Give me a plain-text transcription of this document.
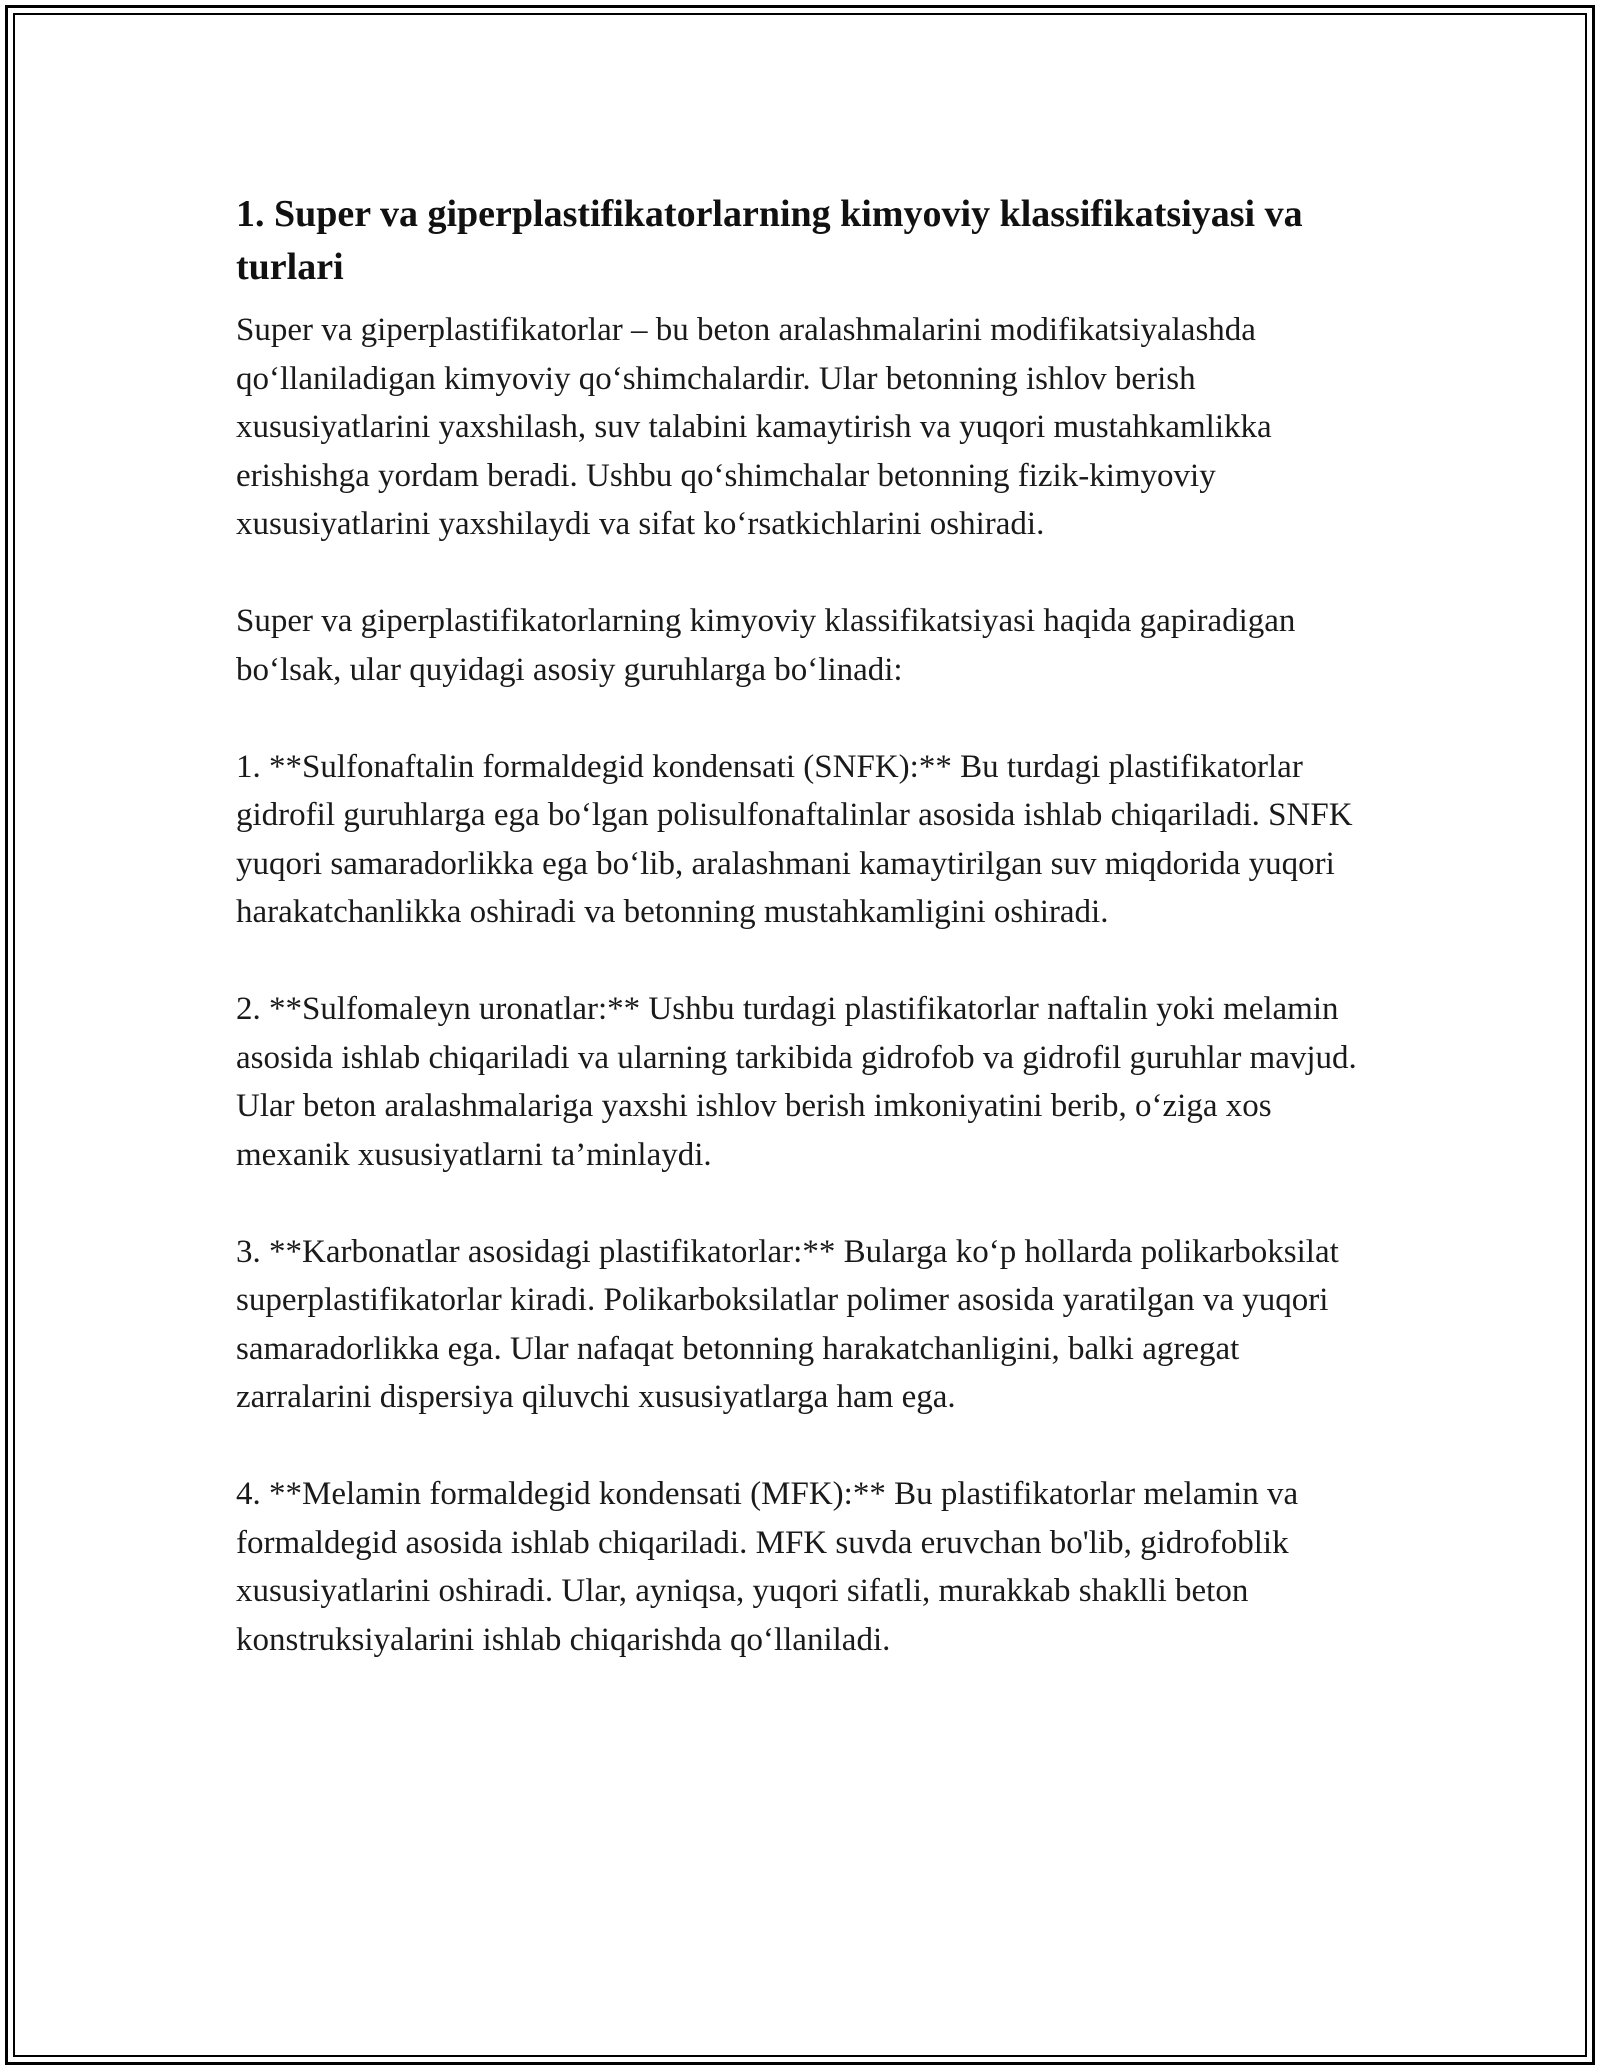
1. Super va giperplastifikatorlarning kimyoviy klassifikatsiyasi va turlari

Super va giperplastifikatorlar – bu beton aralashmalarini modifikatsiyalashda qo‘llaniladigan kimyoviy qo‘shimchalardir. Ular betonning ishlov berish xususiyatlarini yaxshilash, suv talabini kamaytirish va yuqori mustahkamlikka erishishga yordam beradi. Ushbu qo‘shimchalar betonning fizik-kimyoviy xususiyatlarini yaxshilaydi va sifat ko‘rsatkichlarini oshiradi.

Super va giperplastifikatorlarning kimyoviy klassifikatsiyasi haqida gapiradigan bo‘lsak, ular quyidagi asosiy guruhlarga bo‘linadi:

1. **Sulfonaftalin formaldegid kondensati (SNFK):** Bu turdagi plastifikatorlar gidrofil guruhlarga ega bo‘lgan polisulfonaftalinlar asosida ishlab chiqariladi. SNFK yuqori samaradorlikka ega bo‘lib, aralashmani kamaytirilgan suv miqdorida yuqori harakatchanlikka oshiradi va betonning mustahkamligini oshiradi.

2. **Sulfomaleyn uronatlar:** Ushbu turdagi plastifikatorlar naftalin yoki melamin asosida ishlab chiqariladi va ularning tarkibida gidrofob va gidrofil guruhlar mavjud. Ular beton aralashmalariga yaxshi ishlov berish imkoniyatini berib, o‘ziga xos mexanik xususiyatlarni ta’minlaydi.

3. **Karbonatlar asosidagi plastifikatorlar:** Bularga ko‘p hollarda polikarboksilat superplastifikatorlar kiradi. Polikarboksilatlar polimer asosida yaratilgan va yuqori samaradorlikka ega. Ular nafaqat betonning harakatchanligini, balki agregat zarralarini dispersiya qiluvchi xususiyatlarga ham ega.

4. **Melamin formaldegid kondensati (MFK):** Bu plastifikatorlar melamin va formaldegid asosida ishlab chiqariladi. MFK suvda eruvchan bo'lib, gidrofoblik xususiyatlarini oshiradi. Ular, ayniqsa, yuqori sifatli, murakkab shaklli beton konstruksiyalarini ishlab chiqarishda qo‘llaniladi.
